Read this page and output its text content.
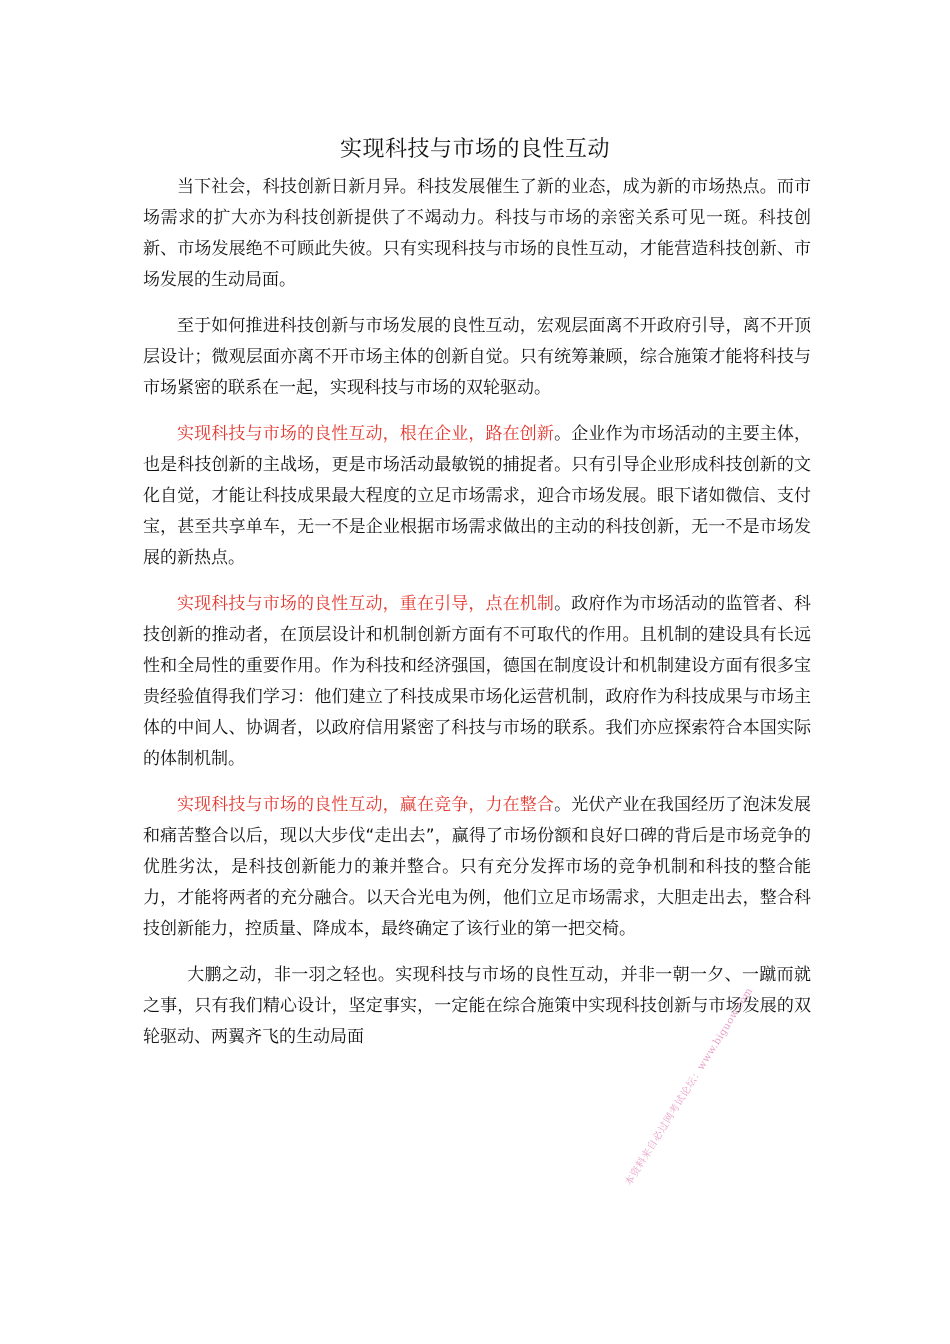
实现科技与市场的良性互动

当下社会，科技创新日新月异。科技发展催生了新的业态，成为新的市场热点。而市场需求的扩大亦为科技创新提供了不竭动力。科技与市场的亲密关系可见一斑。科技创新、市场发展绝不可顾此失彼。只有实现科技与市场的良性互动，才能营造科技创新、市场发展的生动局面。

至于如何推进科技创新与市场发展的良性互动，宏观层面离不开政府引导，离不开顶层设计；微观层面亦离不开市场主体的创新自觉。只有统筹兼顾，综合施策才能将科技与市场紧密的联系在一起，实现科技与市场的双轮驱动。

实现科技与市场的良性互动，根在企业，路在创新。企业作为市场活动的主要主体，也是科技创新的主战场，更是市场活动最敏锐的捕捉者。只有引导企业形成科技创新的文化自觉，才能让科技成果最大程度的立足市场需求，迎合市场发展。眼下诸如微信、支付宝，甚至共享单车，无一不是企业根据市场需求做出的主动的科技创新，无一不是市场发展的新热点。

实现科技与市场的良性互动，重在引导，点在机制。政府作为市场活动的监管者、科技创新的推动者，在顶层设计和机制创新方面有不可取代的作用。且机制的建设具有长远性和全局性的重要作用。作为科技和经济强国，德国在制度设计和机制建设方面有很多宝贵经验值得我们学习：他们建立了科技成果市场化运营机制，政府作为科技成果与市场主体的中间人、协调者，以政府信用紧密了科技与市场的联系。我们亦应探索符合本国实际的体制机制。

实现科技与市场的良性互动，赢在竞争，力在整合。光伏产业在我国经历了泡沫发展和痛苦整合以后，现以大步伐“走出去”，赢得了市场份额和良好口碑的背后是市场竞争的优胜劣汰，是科技创新能力的兼并整合。只有充分发挥市场的竞争机制和科技的整合能力，才能将两者的充分融合。以天合光电为例，他们立足市场需求，大胆走出去，整合科技创新能力，控质量、降成本，最终确定了该行业的第一把交椅。

大鹏之动，非一羽之轻也。实现科技与市场的良性互动，并非一朝一夕、一蹴而就之事，只有我们精心设计，坚定事实，一定能在综合施策中实现科技创新与市场发展的双轮驱动、两翼齐飞的生动局面	本资料来自必过网考试论坛：www.biguow.com
